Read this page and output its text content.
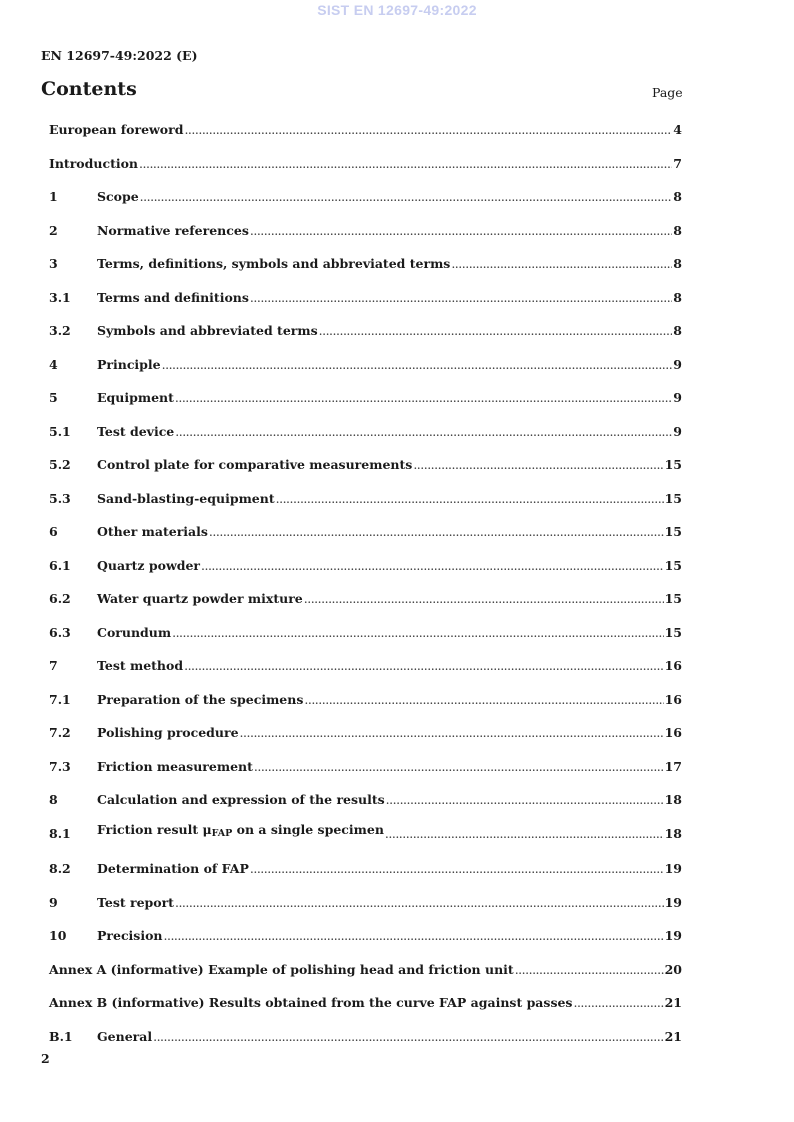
SIST EN 12697-49:2022
EN 12697-49:2022 (E)
Contents	Page
European foreword .....	4
Introduction .....	7
1	Scope .....	8
2	Normative references .....	8
3	Terms, definitions, symbols and abbreviated terms .....	8
3.1	Terms and definitions .....	8
3.2	Symbols and abbreviated terms .....	8
4	Principle .....	9
5	Equipment .....	9
5.1	Test device .....	9
5.2	Control plate for comparative measurements .....	15
5.3	Sand-blasting-equipment .....	15
6	Other materials .....	15
6.1	Quartz powder .....	15
6.2	Water quartz powder mixture .....	15
6.3	Corundum .....	15
7	Test method .....	16
7.1	Preparation of the specimens .....	16
7.2	Polishing procedure .....	16
7.3	Friction measurement .....	17
8	Calculation and expression of the results .....	18
8.1	Friction result $\mu_{FAP}$ on a single specimen .....	18
8.2	Determination of FAP .....	19
9	Test report .....	19
10	Precision .....	19
Annex A (informative) Example of polishing head and friction unit .....	20
Annex B (informative) Results obtained from the curve FAP against passes .....	21
B.1	General .....	21
2
